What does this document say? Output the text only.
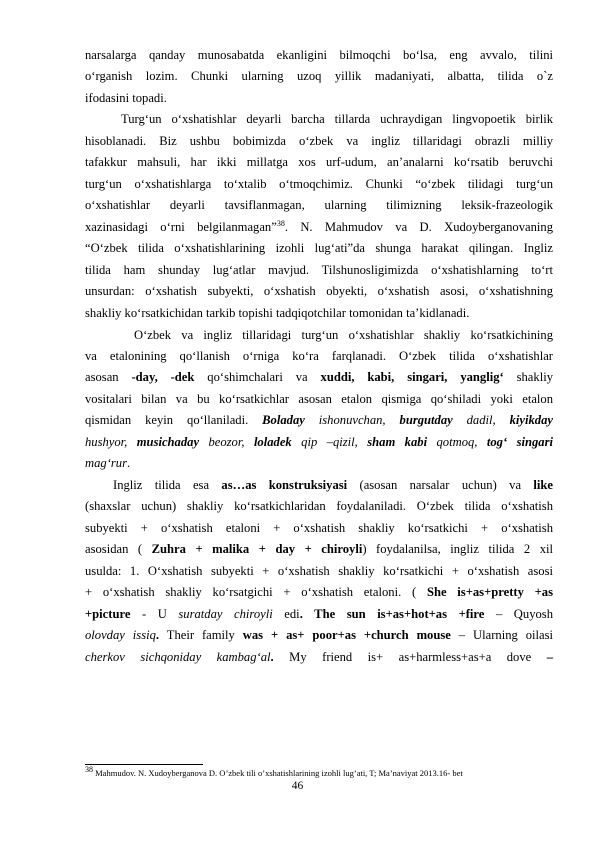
narsalarga qanday munosabatda ekanligini bilmoqchi bo‘lsa, eng avvalo, tilini
o‘rganish lozim. Chunki ularning uzoq yillik madaniyati, albatta, tilida o`z
ifodasini topadi.
Turg‘un o‘xshatishlar deyarli barcha tillarda uchraydigan lingvopoetik birlik
hisoblanadi. Biz ushbu bobimizda o‘zbek va ingliz tillaridagi obrazli milliy
tafakkur mahsuli, har ikki millatga xos urf-udum, an’analarni ko‘rsatib beruvchi
turg‘un o‘xshatishlarga to‘xtalib o‘tmoqchimiz. Chunki “o‘zbek tilidagi turg‘un
o‘xshatishlar deyarli tavsiflanmagan, ularning tilimizning leksik-frazeologik
xazinasidagi o‘rni belgilanmagan”$^{38}$. N. Mahmudov va D. Xudoyberganovaning
“O‘zbek tilida o‘xshatishlarining izohli lug‘ati”da shunga harakat qilingan. Ingliz
tilida ham shunday lug‘atlar mavjud. Tilshunosligimizda o‘xshatishlarning to‘rt
unsurdan: o‘xshatish subyekti, o‘xshatish obyekti, o‘xshatish asosi, o‘xshatishning
shakliy ko‘rsatkichidan tarkib topishi tadqiqotchilar tomonidan ta’kidlanadi.
O‘zbek va ingliz tillaridagi turg‘un o‘xshatishlar shakliy ko‘rsatkichining
va etalonining qo‘llanish o‘rniga ko‘ra farqlanadi. O‘zbek tilida o‘xshatishlar
asosan -day, -dek qo‘shimchalari va xuddi, kabi, singari, yanglig‘ shakliy
vositalari bilan va bu ko‘rsatkichlar asosan etalon qismiga qo‘shiladi yoki etalon
qismidan keyin qo‘llaniladi. Boladay ishonuvchan, burgutday dadil, kiyikday
hushyor, musichaday beozor, loladek qip –qizil, sham kabi qotmoq, tog‘ singari
mag‘rur.
Ingliz tilida esa as…as konstruksiyasi (asosan narsalar uchun) va like
(shaxslar uchun) shakliy ko‘rsatkichlaridan foydalaniladi. O‘zbek tilida o‘xshatish
subyekti + o‘xshatish etaloni + o‘xshatish shakliy ko‘rsatkichi + o‘xshatish
asosidan ( Zuhra + malika + day + chiroyli) foydalanilsa, ingliz tilida 2 xil
usulda: 1. O‘xshatish subyekti + o‘xshatish shakliy ko‘rsatkichi + o‘xshatish asosi
+ o‘xshatish shakliy ko‘rsatgichi + o‘xshatish etaloni. ( She is+as+pretty +as
+picture - U suratday chiroyli edi. The sun is+as+hot+as +fire – Quyosh
olovday issiq. Their family was + as+ poor+as +church mouse – Ularning oilasi
cherkov sichqoniday kambag‘al. My friend is+ as+harmless+as+a dove –
$^{38}$ Mahmudov. N. Xudoyberganova D. O’zbek tili o’xshatishlarining izohli lug’ati, T; Ma’naviyat 2013.16- bet
46
